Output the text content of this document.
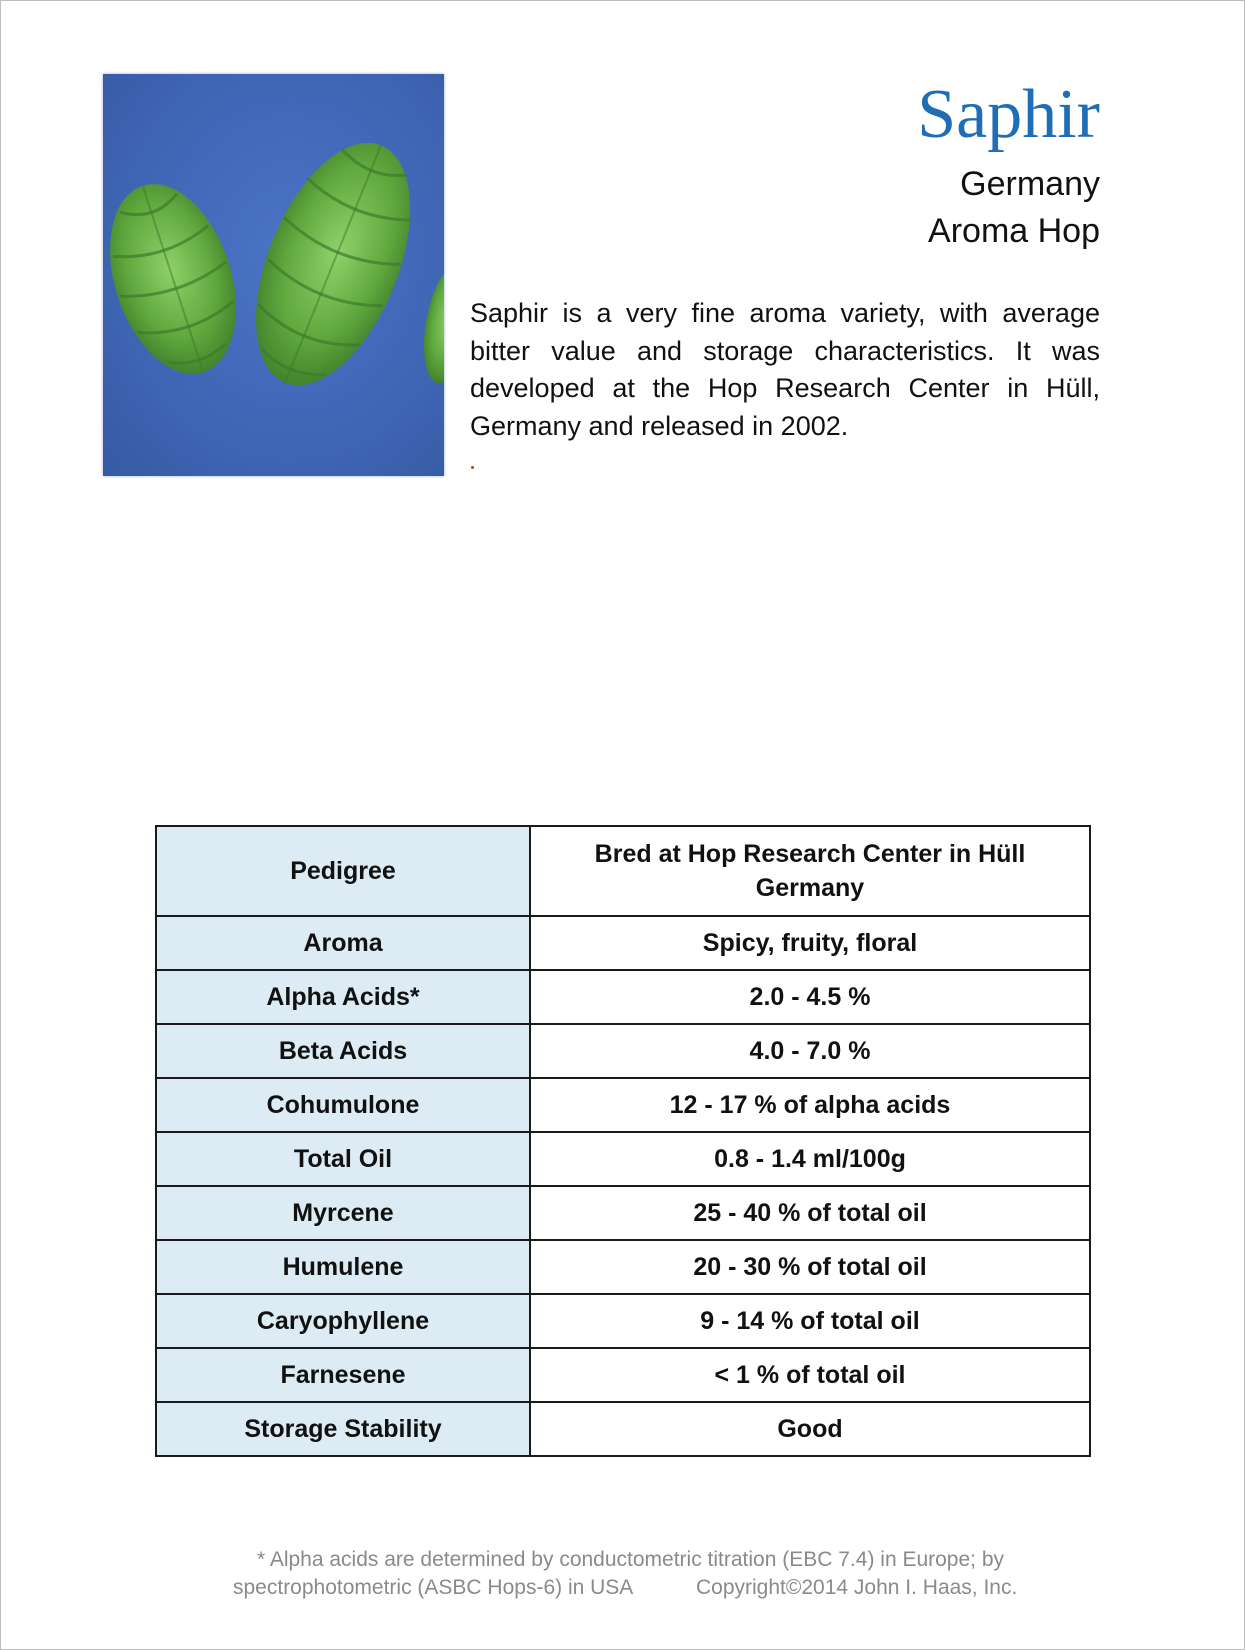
Saphir
Germany
Aroma Hop
Saphir is a very fine aroma variety, with average bitter value and storage characteristics. It was developed at the Hop Research Center in Hüll, Germany and released in 2002.
Pedigree	Bred at Hop Research Center in Hüll Germany
Aroma	Spicy, fruity, floral
Alpha Acids*	2.0 - 4.5 %
Beta Acids	4.0 - 7.0 %
Cohumulone	12 - 17 % of alpha acids
Total Oil	0.8 - 1.4 ml/100g
Myrcene	25 - 40 % of total oil
Humulene	20 - 30 % of total oil
Caryophyllene	9 - 14 % of total oil
Farnesene	< 1 % of total oil
Storage Stability	Good
* Alpha acids are determined by conductometric titration (EBC 7.4) in Europe; by
spectrophotometric (ASBC Hops-6) in USA	Copyright©2014 John I. Haas, Inc.
